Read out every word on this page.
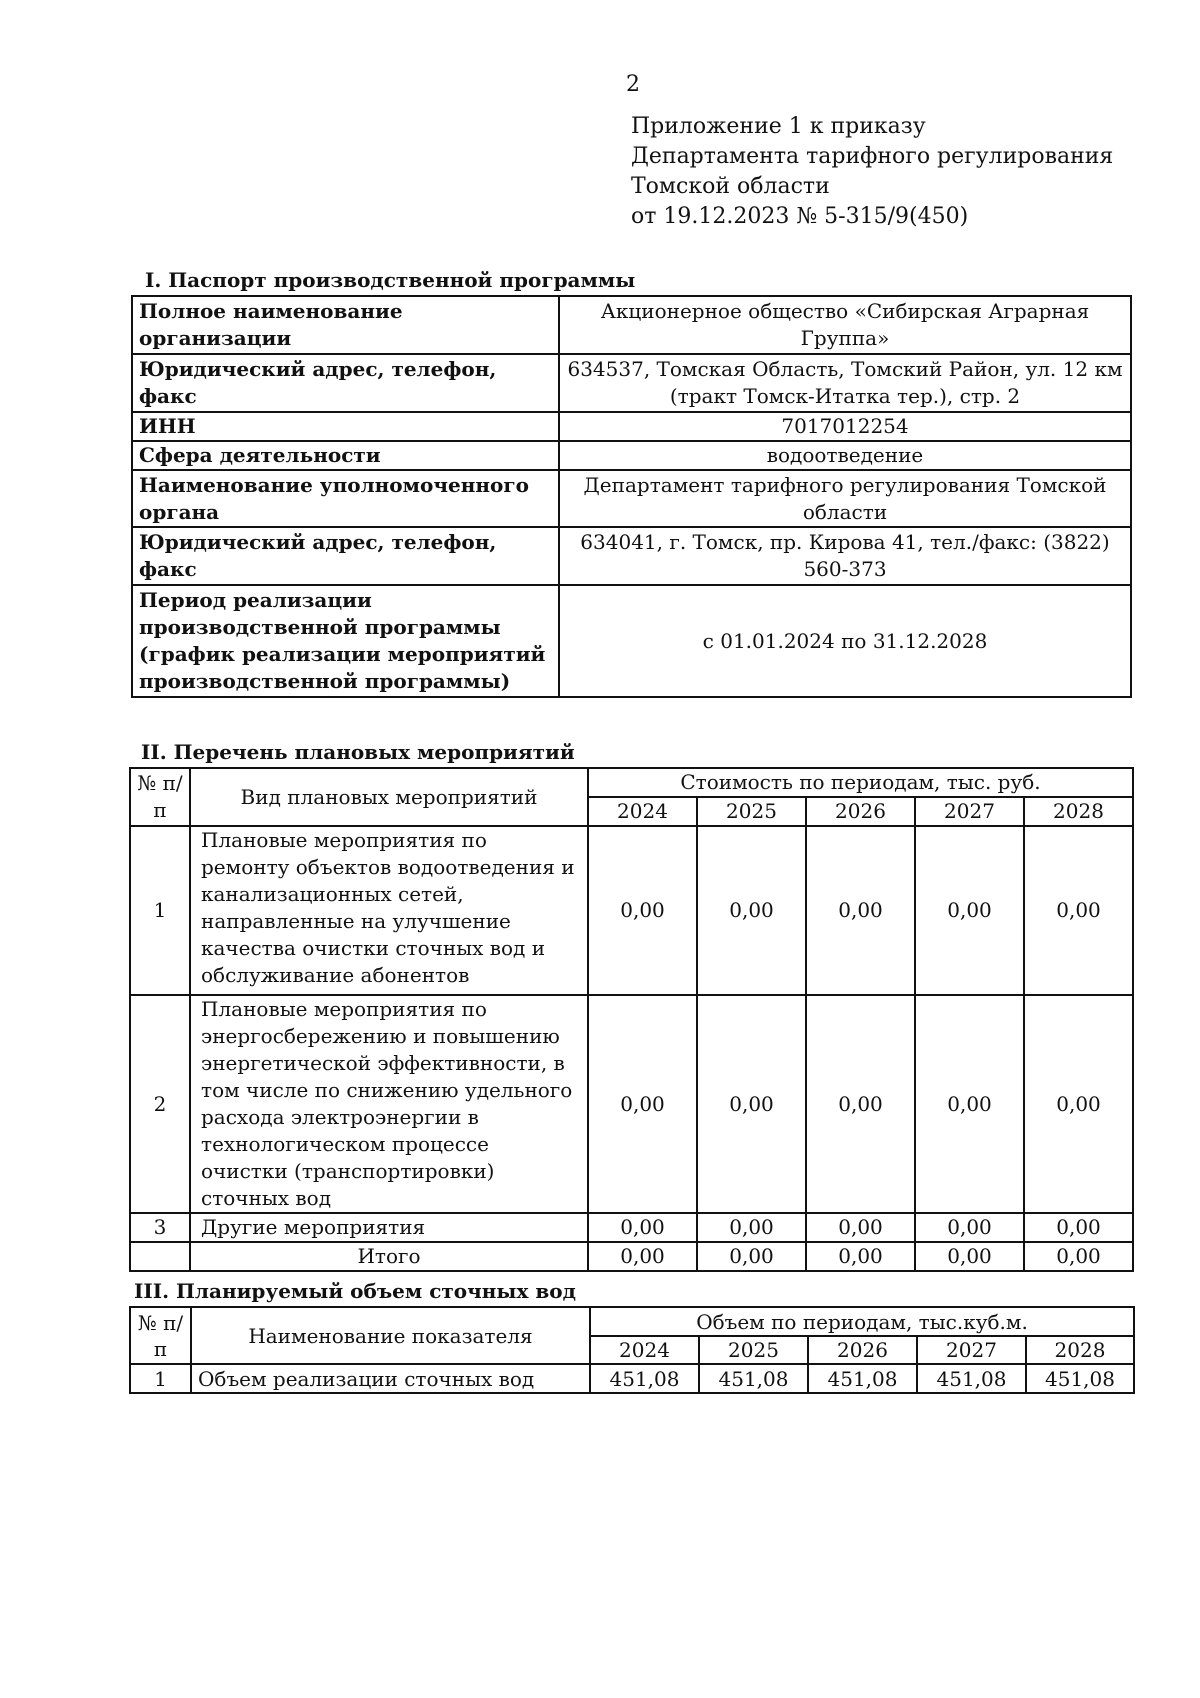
2
Приложение 1 к приказу
Департамента тарифного регулирования
Томской области
от 19.12.2023 № 5-315/9(450)
I. Паспорт производственной программы
Полное наименование организации	Акционерное общество «Сибирская Аграрная Группа»
Юридический адрес, телефон, факс	634537, Томская Область, Томский Район, ул. 12 км (тракт Томск-Итатка тер.), стр. 2
ИНН	7017012254
Сфера деятельности	водоотведение
Наименование уполномоченного органа	Департамент тарифного регулирования Томской области
Юридический адрес, телефон, факс	634041, г. Томск, пр. Кирова 41, тел./факс: (3822) 560-373
Период реализации производственной программы (график реализации мероприятий производственной программы)	с 01.01.2024 по 31.12.2028
II. Перечень плановых мероприятий
№ п/п	Вид плановых мероприятий	Стоимость по периодам, тыс. руб.				
		2024	2025	2026	2027	2028
1	Плановые мероприятия по ремонту объектов водоотведения и канализационных сетей, направленные на улучшение качества очистки сточных вод и обслуживание абонентов	0,00	0,00	0,00	0,00	0,00
2	Плановые мероприятия по энергосбережению и повышению энергетической эффективности, в том числе по снижению удельного расхода электроэнергии в технологическом процессе очистки (транспортировки) сточных вод	0,00	0,00	0,00	0,00	0,00
3	Другие мероприятия	0,00	0,00	0,00	0,00	0,00
	Итого	0,00	0,00	0,00	0,00	0,00
III. Планируемый объем сточных вод
№ п/п	Наименование показателя	Объем по периодам, тыс.куб.м.				
		2024	2025	2026	2027	2028
1	Объем реализации сточных вод	451,08	451,08	451,08	451,08	451,08
